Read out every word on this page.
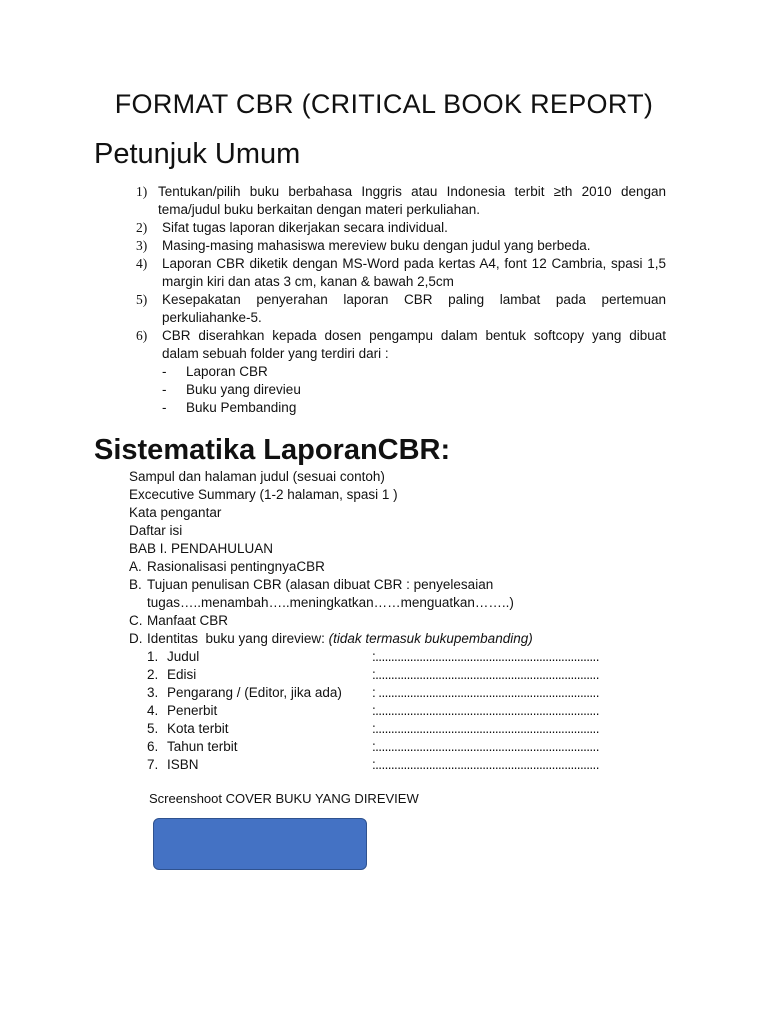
FORMAT CBR (CRITICAL BOOK REPORT)
Petunjuk Umum
1) Tentukan/pilih buku berbahasa Inggris atau Indonesia terbit ≥th 2010 dengan tema/judul buku berkaitan dengan materi perkuliahan.
2) Sifat tugas laporan dikerjakan secara individual.
3) Masing-masing mahasiswa mereview buku dengan judul yang berbeda.
4) Laporan CBR diketik dengan MS-Word pada kertas A4, font 12 Cambria, spasi 1,5 margin kiri dan atas 3 cm, kanan & bawah 2,5cm
5) Kesepakatan penyerahan laporan CBR paling lambat pada pertemuan perkuliahanke-5.
6) CBR diserahkan kepada dosen pengampu dalam bentuk softcopy yang dibuat dalam sebuah folder yang terdiri dari :
- Laporan CBR
- Buku yang direvieu
- Buku Pembanding
Sistematika LaporanCBR:
Sampul dan halaman judul (sesuai contoh)
Excecutive Summary (1-2 halaman, spasi 1 )
Kata pengantar
Daftar isi
BAB I. PENDAHULUAN
A. Rasionalisasi pentingnyaCBR
B. Tujuan penulisan CBR (alasan dibuat CBR : penyelesaian tugas…..menambah…..meningkatkan……menguatkan……..)
C. Manfaat CBR
D. Identitas  buku yang direview: (tidak termasuk bukupembanding)
1. Judul	:.......................................................................
2. Edisi	:.......................................................................
3. Pengarang / (Editor, jika ada) : ......................................................................
4. Penerbit	:.......................................................................
5. Kota terbit	:.......................................................................
6. Tahun terbit	:.......................................................................
7. ISBN	:.......................................................................
Screenshoot COVER BUKU YANG DIREVIEW
